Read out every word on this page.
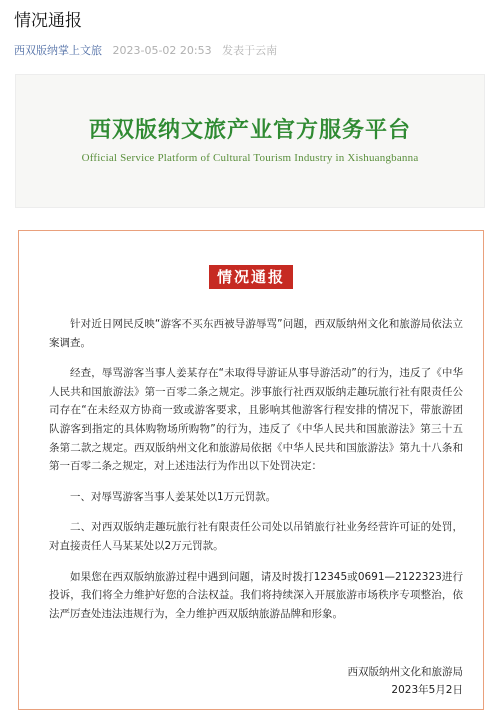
情况通报
西双版纳掌上文旅 2023-05-02 20:53 发表于云南
西双版纳文旅产业官方服务平台
Official Service Platform of Cultural Tourism Industry in Xishuangbanna
情况通报

针对近日网民反映“游客不买东西被导游辱骂”问题，西双版纳州文化和旅游局依法立案调查。

经查，辱骂游客当事人姜某存在“未取得导游证从事导游活动”的行为，违反了《中华人民共和国旅游法》第一百零二条之规定。涉事旅行社西双版纳走趣玩旅行社有限责任公司存在“在未经双方协商一致或游客要求，且影响其他游客行程安排的情况下，带旅游团队游客到指定的具体购物场所购物”的行为，违反了《中华人民共和国旅游法》第三十五条第二款之规定。西双版纳州文化和旅游局依据《中华人民共和国旅游法》第九十八条和第一百零二条之规定，对上述违法行为作出以下处罚决定：

一、对辱骂游客当事人姜某处以1万元罚款。

二、对西双版纳走趣玩旅行社有限责任公司处以吊销旅行社业务经营许可证的处罚，对直接责任人马某某处以2万元罚款。

如果您在西双版纳旅游过程中遇到问题，请及时拨打12345或0691—2122323进行投诉，我们将全力维护好您的合法权益。我们将持续深入开展旅游市场秩序专项整治，依法严厉查处违法违规行为，全力维护西双版纳旅游品牌和形象。

西双版纳州文化和旅游局
2023年5月2日
